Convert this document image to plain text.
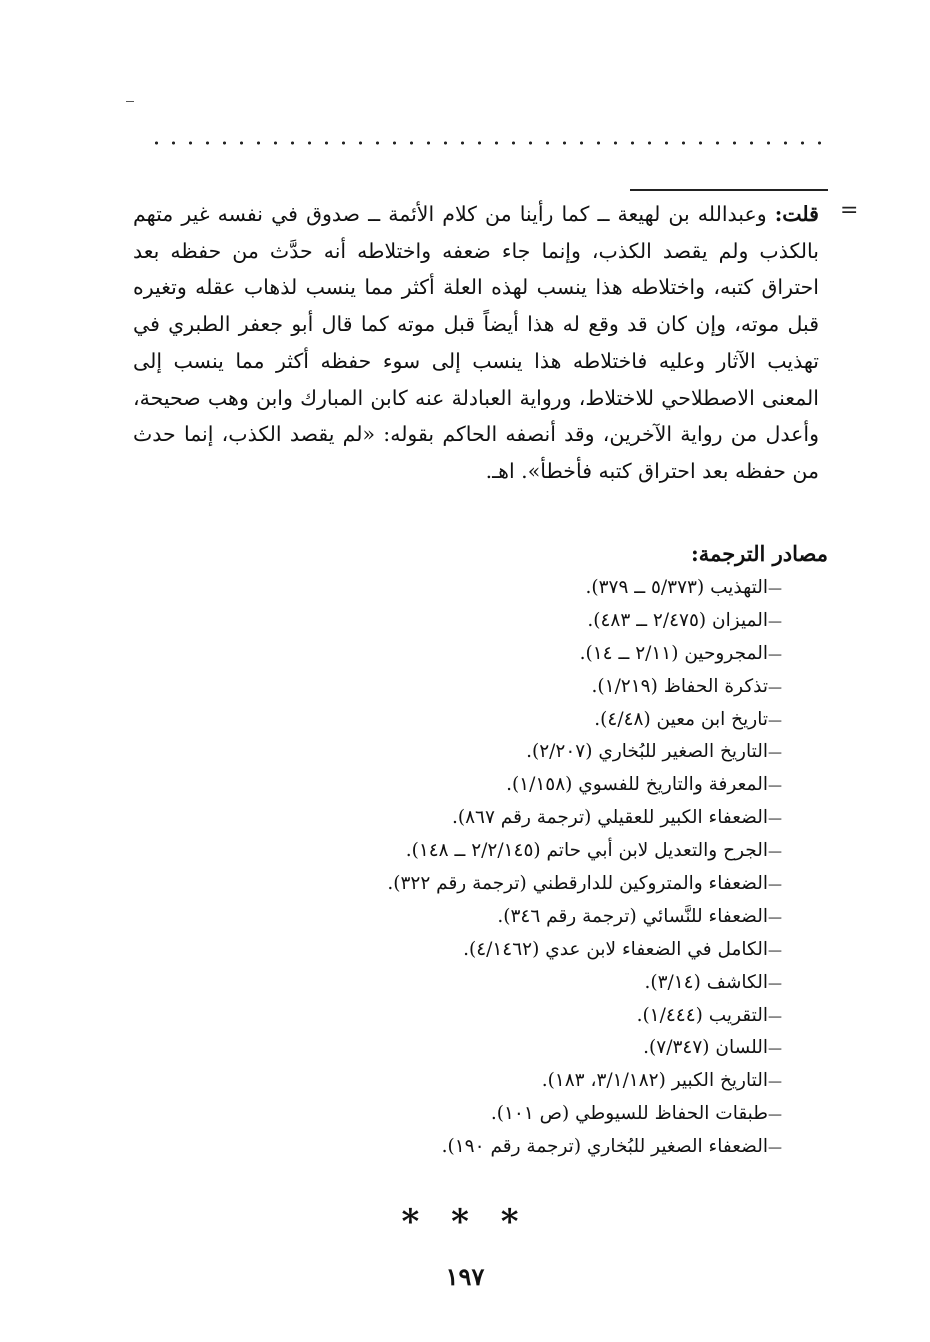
=
قلت: وعبدالله بن لهيعة ــ كما رأينا من كلام الأئمة ــ صدوق في نفسه غير متهم بالكذب ولم يقصد الكذب، وإنما جاء ضعفه واختلاطه أنه حدَّث من حفظه بعد احتراق كتبه، واختلاطه هذا ينسب لهذه العلة أكثر مما ينسب لذهاب عقله وتغيره قبل موته، وإن كان قد وقع له هذا أيضاً قبل موته كما قال أبو جعفر الطبري في تهذيب الآثار وعليه فاختلاطه هذا ينسب إلى سوء حفظه أكثر مما ينسب إلى المعنى الاصطلاحي للاختلاط، ورواية العبادلة عنه كابن المبارك وابن وهب صحيحة، وأعدل من رواية الآخرين، وقد أنصفه الحاكم بقوله: «لم يقصد الكذب، إنما حدث من حفظه بعد احتراق كتبه فأخطأ». اهـ.
مصادر الترجمة:
— التهذيب (٥/٣٧٣ ــ ٣٧٩).
— الميزان (٢/٤٧٥ ــ ٤٨٣).
— المجروحين (٢/١١ ــ ١٤).
— تذكرة الحفاظ (١/٢١٩).
— تاريخ ابن معين (٤/٤٨).
— التاريخ الصغير للبُخاري (٢/٢٠٧).
— المعرفة والتاريخ للفسوي (١/١٥٨).
— الضعفاء الكبير للعقيلي (ترجمة رقم ٨٦٧).
— الجرح والتعديل لابن أبي حاتم (٢/٢/١٤٥ ــ ١٤٨).
— الضعفاء والمتروكين للدارقطني (ترجمة رقم ٣٢٢).
— الضعفاء للنَّسائي (ترجمة رقم ٣٤٦).
— الكامل في الضعفاء لابن عدي (٤/١٤٦٢).
— الكاشف (٣/١٤).
— التقريب (١/٤٤٤).
— اللسان (٧/٣٤٧).
— التاريخ الكبير (٣/١/١٨٢، ١٨٣).
— طبقات الحفاظ للسيوطي (ص ١٠١).
— الضعفاء الصغير للبُخاري (ترجمة رقم ١٩٠).
* * *
١٩٧
